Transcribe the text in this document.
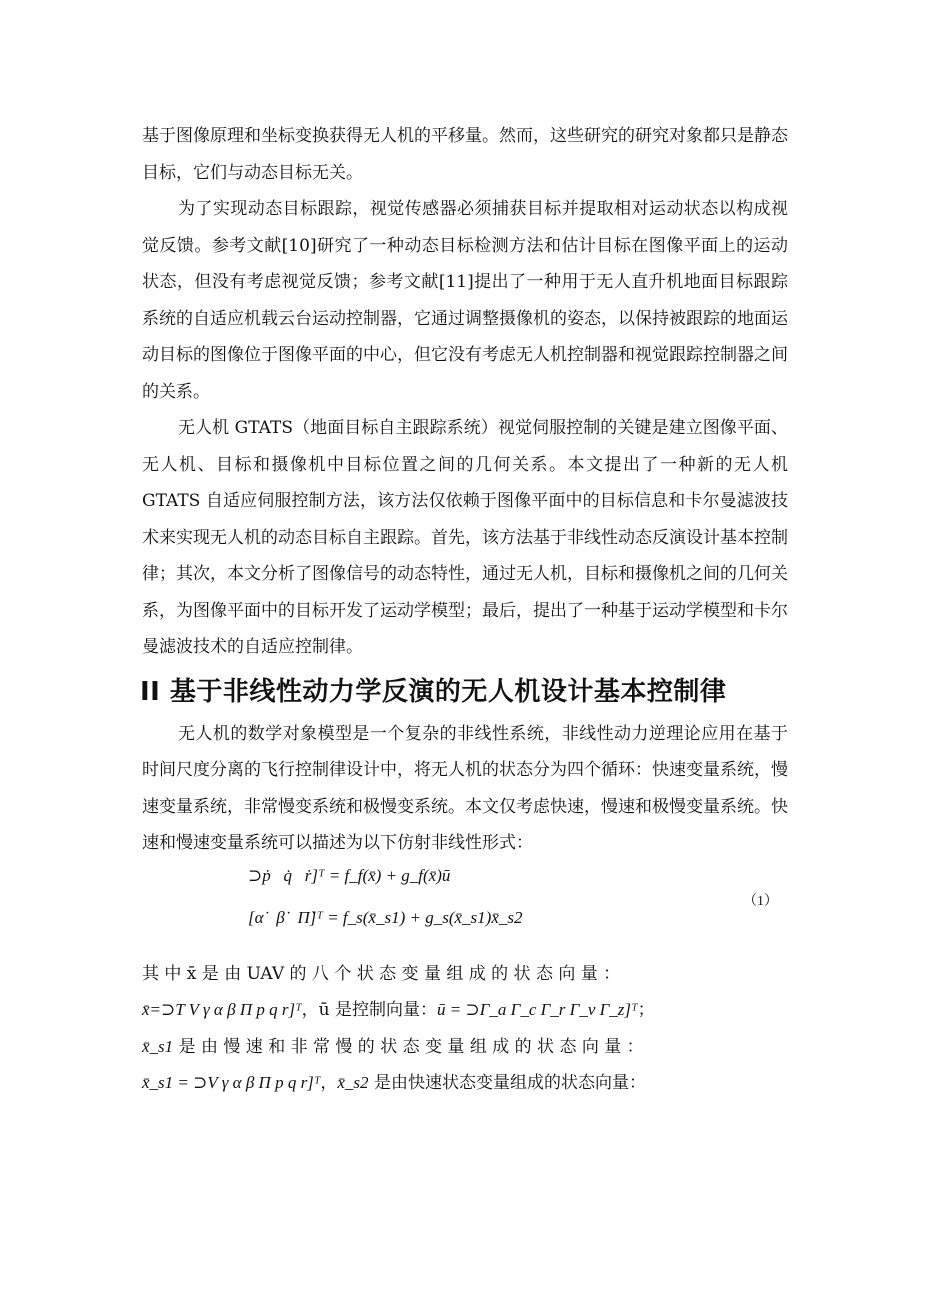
基于图像原理和坐标变换获得无人机的平移量。然而，这些研究的研究对象都只是静态目标，它们与动态目标无关。

为了实现动态目标跟踪，视觉传感器必须捕获目标并提取相对运动状态以构成视觉反馈。参考文献[10]研究了一种动态目标检测方法和估计目标在图像平面上的运动状态，但没有考虑视觉反馈；参考文献[11]提出了一种用于无人直升机地面目标跟踪系统的自适应机载云台运动控制器，它通过调整摄像机的姿态，以保持被跟踪的地面运动目标的图像位于图像平面的中心，但它没有考虑无人机控制器和视觉跟踪控制器之间的关系。

无人机 GTATS（地面目标自主跟踪系统）视觉伺服控制的关键是建立图像平面、无人机、目标和摄像机中目标位置之间的几何关系。本文提出了一种新的无人机 GTATS 自适应伺服控制方法，该方法仅依赖于图像平面中的目标信息和卡尔曼滤波技术来实现无人机的动态目标自主跟踪。首先，该方法基于非线性动态反演设计基本控制律；其次，本文分析了图像信号的动态特性，通过无人机，目标和摄像机之间的几何关系，为图像平面中的目标开发了运动学模型；最后，提出了一种基于运动学模型和卡尔曼滤波技术的自适应控制律。

II 基于非线性动力学反演的无人机设计基本控制律

无人机的数学对象模型是一个复杂的非线性系统，非线性动力逆理论应用在基于时间尺度分离的飞行控制律设计中，将无人机的状态分为四个循环：快速变量系统，慢速变量系统，非常慢变系统和极慢变系统。本文仅考虑快速，慢速和极慢变量系统。快速和慢速变量系统可以描述为以下仿射非线性形式：

⊃ṗ   q̇   ṙ]ᵀ = f_f(x̄) + g_f(x̄)ū
[α̇   β̇   Π̇]ᵀ = f_s(x̄_s1) + g_s(x̄_s1)x̄_s2
（1）

其 中 x̄ 是 由 UAV 的 八 个 状 态 变 量 组 成 的 状 态 向 量 ：

x̄=⊃T V γ α β Π p q r]ᵀ，ū 是控制向量：ū = ⊃Γ_a Γ_c Γ_r Γ_v Γ_z]ᵀ；

x̄_s1 是 由 慢 速 和 非 常 慢 的 状 态 变 量 组 成 的 状 态 向 量 ：

x̄_s1 = ⊃V γ α β Π p q r]ᵀ，x̄_s2 是由快速状态变量组成的状态向量：
